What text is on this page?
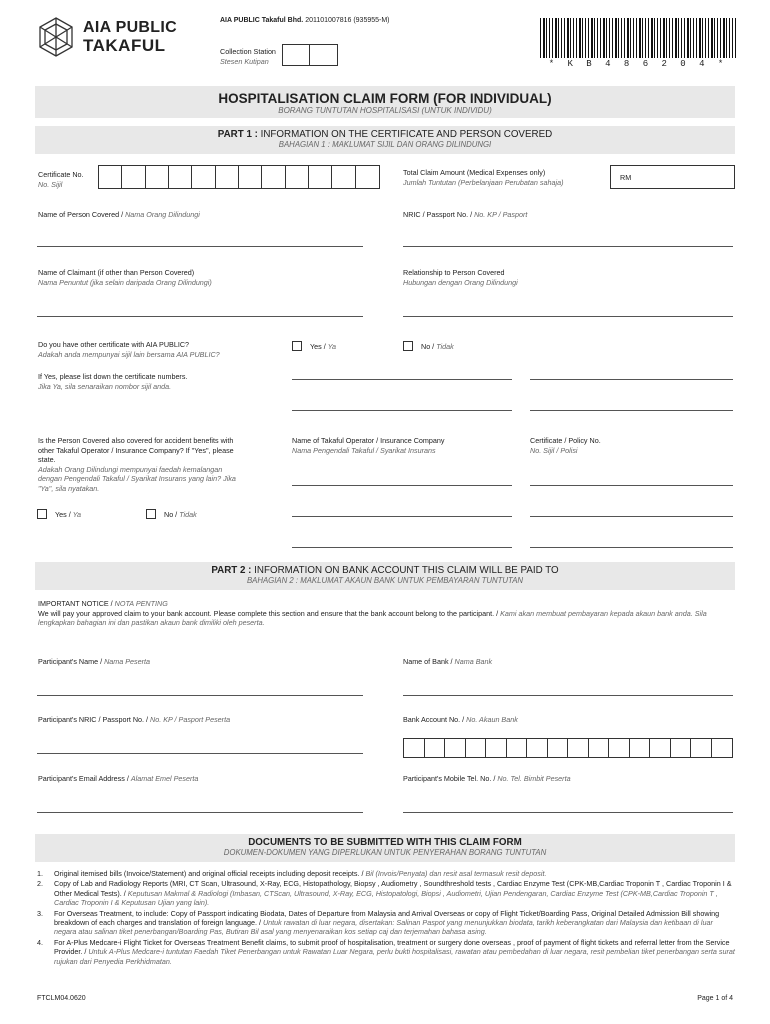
AIA PUBLIC
TAKAFUL
AIA PUBLIC Takaful Bhd. 201101007816 (935955-M)
Collection Station
Stesen Kutipan	* K B 4 8 6 2 0 4 *
HOSPITALISATION CLAIM FORM (FOR INDIVIDUAL)
BORANG TUNTUTAN HOSPITALISASI (UNTUK INDIVIDU)
PART 1 : INFORMATION ON THE CERTIFICATE AND PERSON COVERED
BAHAGIAN 1 : MAKLUMAT SIJIL DAN ORANG DILINDUNGI
Certificate No.
No. Sijil
Total Claim Amount (Medical Expenses only)
Jumlah Tuntutan (Perbelanjaan Perubatan sahaja)	RM
Name of Person Covered / Nama Orang Dilindungi	NRIC / Passport No. / No. KP / Pasport
Name of Claimant (if other than Person Covered)
Nama Penuntut (jika selain daripada Orang Dilindungi)
Relationship to Person Covered
Hubungan dengan Orang Dilindungi
Do you have other certificate with AIA PUBLIC?
Adakah anda mempunyai sijil lain bersama AIA PUBLIC?
Yes / Ya	No / Tidak
If Yes, please list down the certificate numbers.
Jika Ya, sila senaraikan nombor sijil anda.
Is the Person Covered also covered for accident benefits with other Takaful Operator / Insurance Company? If "Yes", please state.
Adakah Orang Dilindungi mempunyai faedah kemalangan dengan Pengendali Takaful / Syarikat Insurans yang lain? Jika "Ya", sila nyatakan.
Yes / Ya	No / Tidak
Name of Takaful Operator / Insurance Company
Nama Pengendali Takaful / Syarikat Insurans
Certificate / Policy No.
No. Sijil / Polisi
PART 2 : INFORMATION ON BANK ACCOUNT THIS CLAIM WILL BE PAID TO
BAHAGIAN 2 : MAKLUMAT AKAUN BANK UNTUK PEMBAYARAN TUNTUTAN
IMPORTANT NOTICE / NOTA PENTING
We will pay your approved claim to your bank account. Please complete this section and ensure that the bank account belong to the participant. / Kami akan membuat pembayaran kepada akaun bank anda. Sila lengkapkan bahagian ini dan pastikan akaun bank dimiliki oleh peserta.
Participant's Name / Nama Peserta	Name of Bank / Nama Bank
Participant's NRIC / Passport No. / No. KP / Pasport Peserta	Bank Account No. / No. Akaun Bank
Participant's Email Address / Alamat Emel Peserta	Participant's Mobile Tel. No. / No. Tel. Bimbit Peserta
DOCUMENTS TO BE SUBMITTED WITH THIS CLAIM FORM
DOKUMEN-DOKUMEN YANG DIPERLUKAN UNTUK PENYERAHAN BORANG TUNTUTAN
1.	Original itemised bills (Invoice/Statement) and original official receipts including deposit receipts. / Bil (Invois/Penyata) dan resit asal termasuk resit deposit.
2.	Copy of Lab and Radiology Reports (MRI, CT Scan, Ultrasound, X-Ray, ECG, Histopathology, Biopsy , Audiometry , Soundthreshold tests , Cardiac Enzyme Test (CPK-MB,Cardiac Troponin T , Cardiac Troponin I & Other Medical Tests). / Keputusan Makmal & Radiologi (Imbasan, CTScan, Ultrasound, X-Ray, ECG, Histopatologi, Biopsi , Audiometri, Ujian Pendengaran, Cardiac Enzyme Test (CPK-MB,Cardiac Troponin T , Cardiac Troponin I & Keputusan Ujian yang lain).
3.	For Overseas Treatment, to include: Copy of Passport indicating Biodata, Dates of Departure from Malaysia and Arrival Overseas or copy of Flight Ticket/Boarding Pass, Original Detailed Admission Bill showing breakdown of each charges and translation of foreign language. / Untuk rawatan di luar negara, disertakan: Salinan Paspot yang menunjukkan biodata, tarikh keberangkatan dari Malaysia dan ketibaan di luar negara atau salinan tiket penerbangan/Boarding Pas, Butiran Bil asal yang menyenaraikan kos setiap caj dan terjemahan bahasa asing.
4.	For A-Plus Medcare-i Flight Ticket for Overseas Treatment Benefit claims, to submit proof of hospitalisation, treatment or surgery done overseas , proof of payment of flight tickets and referral letter from the Service Provider. / Untuk A-Plus Medcare-i tuntutan Faedah Tiket Penerbangan untuk Rawatan Luar Negara, perlu bukti hospitalisasi, rawatan atau pembedahan di luar negara, resit pembelian tiket penerbangan serta surat rujukan dari Penyedia Perkhidmatan.
FTCLM04.0620	Page 1 of 4
